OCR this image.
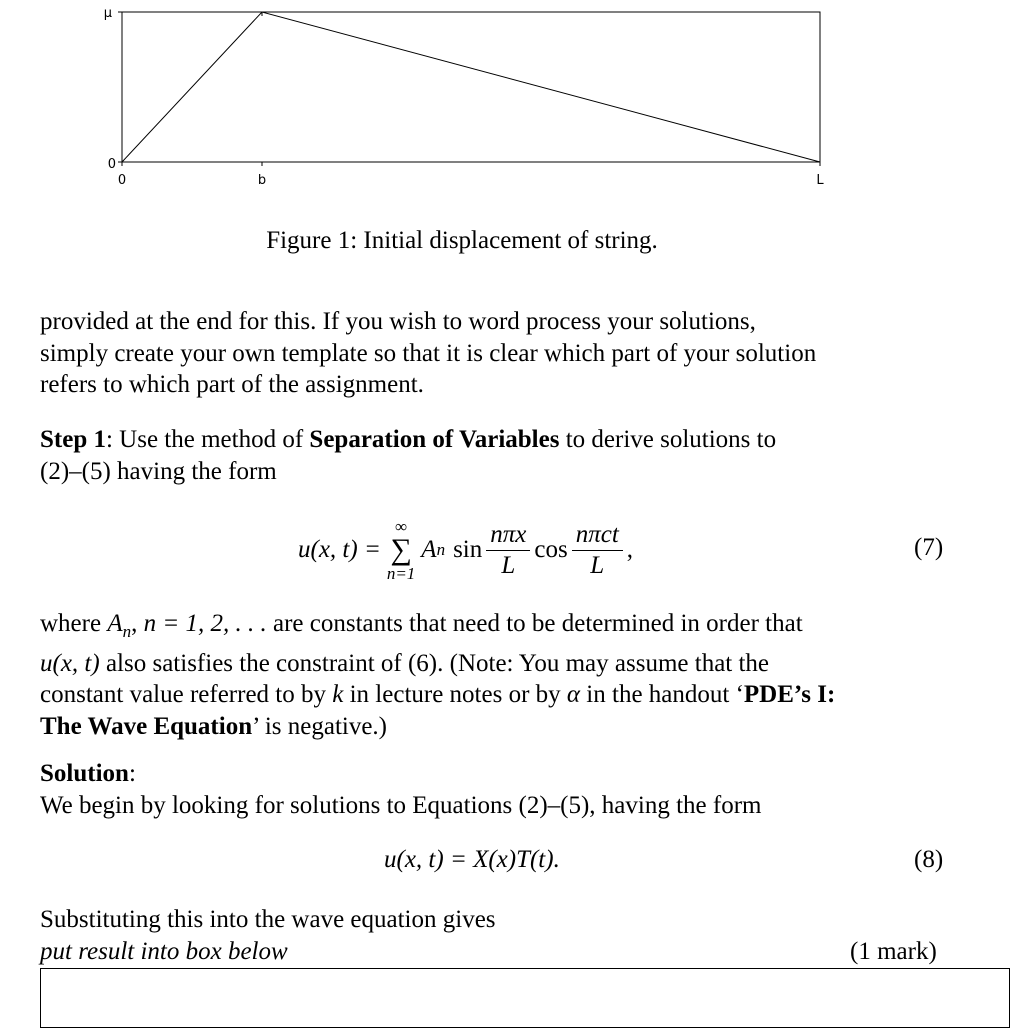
μ
0
0	b	L
Figure 1: Initial displacement of string.
provided at the end for this. If you wish to word process your solutions,
simply create your own template so that it is clear which part of your solution
refers to which part of the assignment.
Step 1: Use the method of Separation of Variables to derive solutions to
(2)–(5) having the form
u(x, t) =
∞
∑
n=1
A n $\sin \frac{\text{nπx}}{L}$ $\cos \frac{\text{nπct}}{L}$ ,	(7)
where $A_n$, n = 1, 2, . . . are constants that need to be determined in order that
u(x, t) also satisfies the constraint of (6). (Note: You may assume that the
constant value referred to by k in lecture notes or by α in the handout ‘PDE’s I:
The Wave Equation’ is negative.)
Solution:
We begin by looking for solutions to Equations (2)–(5), having the form
u(x, t) = X(x)T(t).	(8)
Substituting this into the wave equation gives
put result into box below	(1 mark)
